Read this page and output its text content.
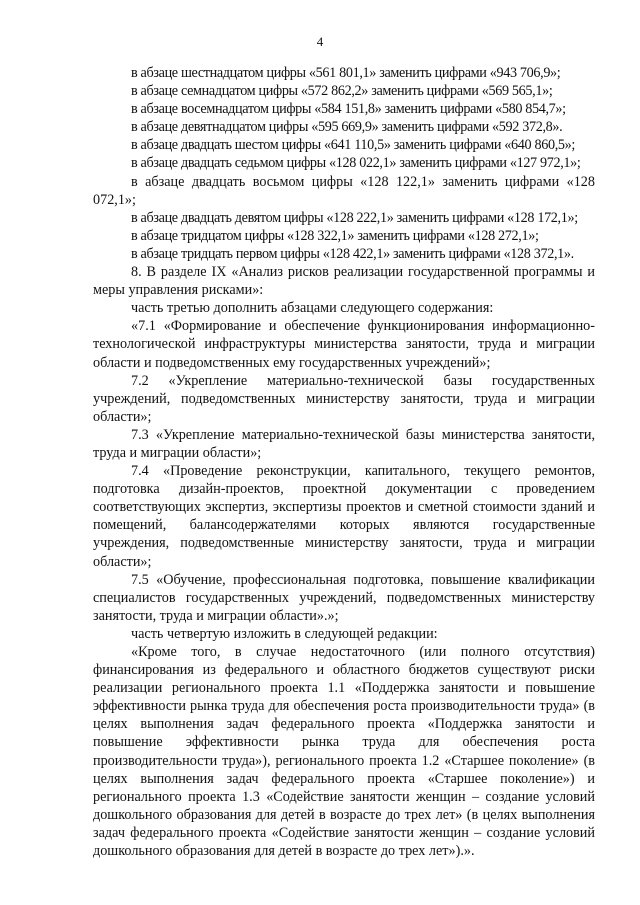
4

в абзаце шестнадцатом цифры «561 801,1» заменить цифрами «943 706,9»;

в абзаце семнадцатом цифры «572 862,2» заменить цифрами «569 565,1»;

в абзаце восемнадцатом цифры «584 151,8» заменить цифрами «580 854,7»;

в абзаце девятнадцатом цифры «595 669,9» заменить цифрами «592 372,8».

в абзаце двадцать шестом цифры «641 110,5» заменить цифрами «640 860,5»;

в абзаце двадцать седьмом цифры «128 022,1» заменить цифрами «127 972,1»;

в абзаце двадцать восьмом цифры «128 122,1» заменить цифрами «128 072,1»;

в абзаце двадцать девятом цифры «128 222,1» заменить цифрами «128 172,1»;

в абзаце тридцатом цифры «128 322,1» заменить цифрами «128 272,1»;

в абзаце тридцать первом цифры «128 422,1» заменить цифрами «128 372,1».

8. В разделе IX «Анализ рисков реализации государственной программы и меры управления рисками»:

часть третью дополнить абзацами следующего содержания:

«7.1 «Формирование и обеспечение функционирования информационно-технологической инфраструктуры министерства занятости, труда и миграции области и подведомственных ему государственных учреждений»;

7.2 «Укрепление материально-технической базы государственных учреждений, подведомственных министерству занятости, труда и миграции области»;

7.3 «Укрепление материально-технической базы министерства занятости, труда и миграции области»;

7.4 «Проведение реконструкции, капитального, текущего ремонтов, подготовка дизайн-проектов, проектной документации с проведением соответствующих экспертиз, экспертизы проектов и сметной стоимости зданий и помещений, балансодержателями которых являются государственные учреждения, подведомственные министерству занятости, труда и миграции области»;

7.5 «Обучение, профессиональная подготовка, повышение квалификации специалистов государственных учреждений, подведомственных министерству занятости, труда и миграции области».»;

часть четвертую изложить в следующей редакции:

«Кроме того, в случае недостаточного (или полного отсутствия) финансирования из федерального и областного бюджетов существуют риски реализации регионального проекта 1.1 «Поддержка занятости и повышение эффективности рынка труда для обеспечения роста производительности труда» (в целях выполнения задач федерального проекта «Поддержка занятости и повышение эффективности рынка труда для обеспечения роста производительности труда»), регионального проекта 1.2 «Старшее поколение» (в целях выполнения задач федерального проекта «Старшее поколение») и регионального проекта 1.3 «Содействие занятости женщин – создание условий дошкольного образования для детей в возрасте до трех лет» (в целях выполнения задач федерального проекта «Содействие занятости женщин – создание условий дошкольного образования для детей в возрасте до трех лет»).».
